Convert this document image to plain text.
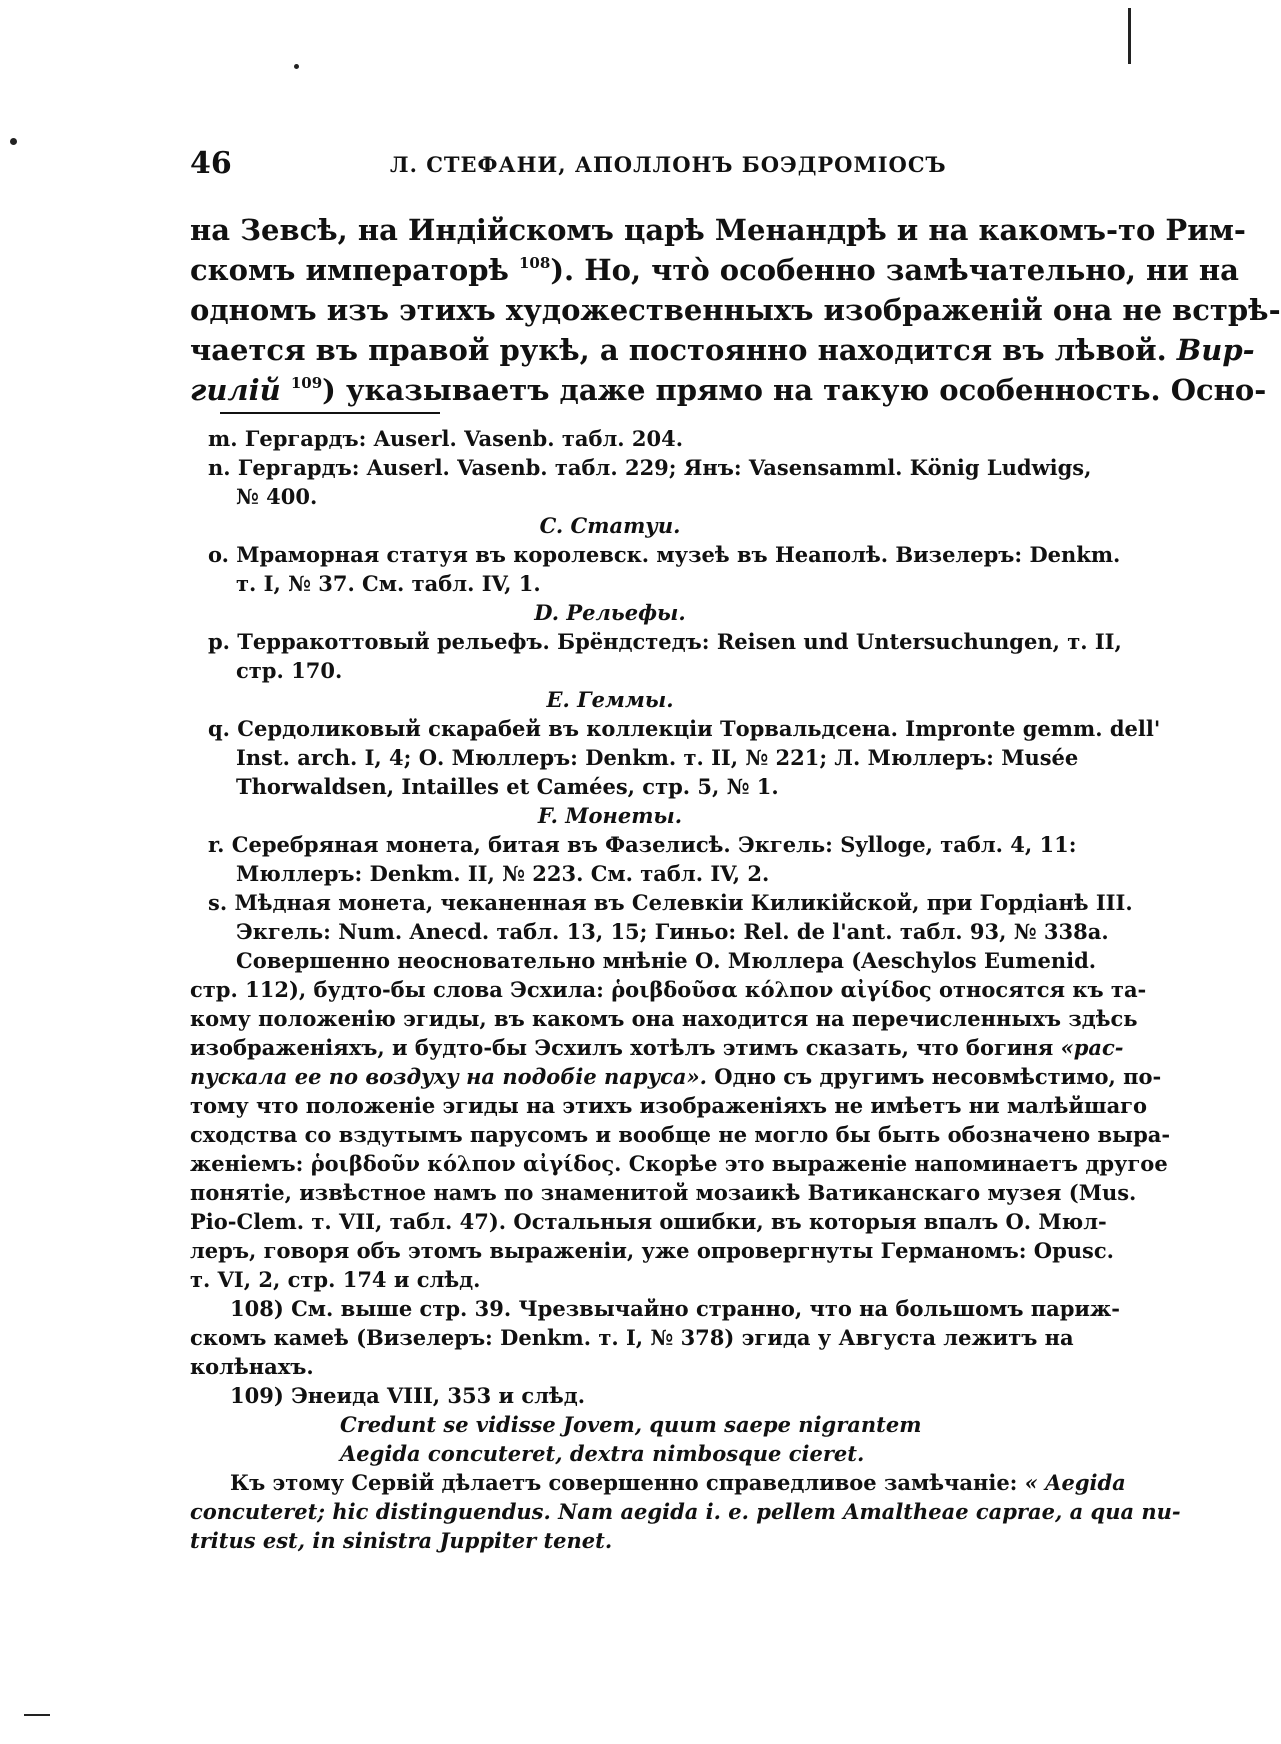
46	Л. СТЕФАНИ, АПОЛЛОНЪ БОЭДРОМІОСЪ
на Зевсѣ, на Индійскомъ царѣ Менандрѣ и на какомъ-то Рим-
скомъ императорѣ $^{108}$). Но, что̀ особенно замѣчательно, ни на
одномъ изъ этихъ художественныхъ изображеній она не встрѣ-
чается въ правой рукѣ, а постоянно находится въ лѣвой. Вир-
гилій $^{109}$) указываетъ даже прямо на такую особенность. Осно-
m. Гергардъ: Auserl. Vasenb. табл. 204.
n. Гергардъ: Auserl. Vasenb. табл. 229; Янъ: Vasensamml. König Ludwigs,
№ 400.
C. Статуи.
o. Мраморная статуя въ королевск. музеѣ въ Неаполѣ. Визелеръ: Denkm.
т. I, № 37. См. табл. IV, 1.
D. Рельефы.
p. Терракоттовый рельефъ. Брёндстедъ: Reisen und Untersuchungen, т. II,
стр. 170.
E. Геммы.
q. Сердоликовый скарабей въ коллекціи Торвальдсена. Impronte gemm. dell'
Inst. arch. I, 4; О. Мюллеръ: Denkm. т. II, № 221; Л. Мюллеръ: Musée
Thorwaldsen, Intailles et Camées, стр. 5, № 1.
F. Монеты.
r. Серебряная монета, битая въ Фазелисѣ. Экгель: Sylloge, табл. 4, 11:
Мюллеръ: Denkm. II, № 223. См. табл. IV, 2.
s. Мѣдная монета, чеканенная въ Селевкіи Киликійской, при Гордіанѣ III.
Экгель: Num. Anecd. табл. 13, 15; Гиньо: Rel. de l'ant. табл. 93, № 338a.
Совершенно неосновательно мнѣніе О. Мюллера (Aeschylos Eumenid.
стр. 112), будто-бы слова Эсхила: ῥοιβδοῦσα κόλπον αἰγίδος относятся къ та-
кому положенію эгиды, въ какомъ она находится на перечисленныхъ здѣсь
изображеніяхъ, и будто-бы Эсхилъ хотѣлъ этимъ сказать, что богиня «рас-
пускала ее по воздуху на подобіе паруса». Одно съ другимъ несовмѣстимо, по-
тому что положеніе эгиды на этихъ изображеніяхъ не имѣетъ ни малѣйшаго
сходства со вздутымъ парусомъ и вообще не могло бы быть обозначено выра-
женіемъ: ῥοιβδοῦν κόλπον αἰγίδος. Скорѣе это выраженіе напоминаетъ другое
понятіе, извѣстное намъ по знаменитой мозаикѣ Ватиканскаго музея (Mus.
Pio-Clem. т. VII, табл. 47). Остальныя ошибки, въ которыя впалъ О. Мюл-
леръ, говоря объ этомъ выраженіи, уже опровергнуты Германомъ: Opusc.
т. VI, 2, стр. 174 и слѣд.
108) См. выше стр. 39. Чрезвычайно странно, что на большомъ париж-
скомъ камеѣ (Визелеръ: Denkm. т. I, № 378) эгида у Августа лежитъ на
колѣнахъ.
109) Энеида VIII, 353 и слѣд.
Credunt se vidisse Jovem, quum saepe nigrantem
Aegida concuteret, dextra nimbosque cieret.
Къ этому Сервій дѣлаетъ совершенно справедливое замѣчаніе: « Aegida
concuteret; hic distinguendus. Nam aegida i. e. pellem Amaltheae caprae, a qua nu-
tritus est, in sinistra Juppiter tenet.
